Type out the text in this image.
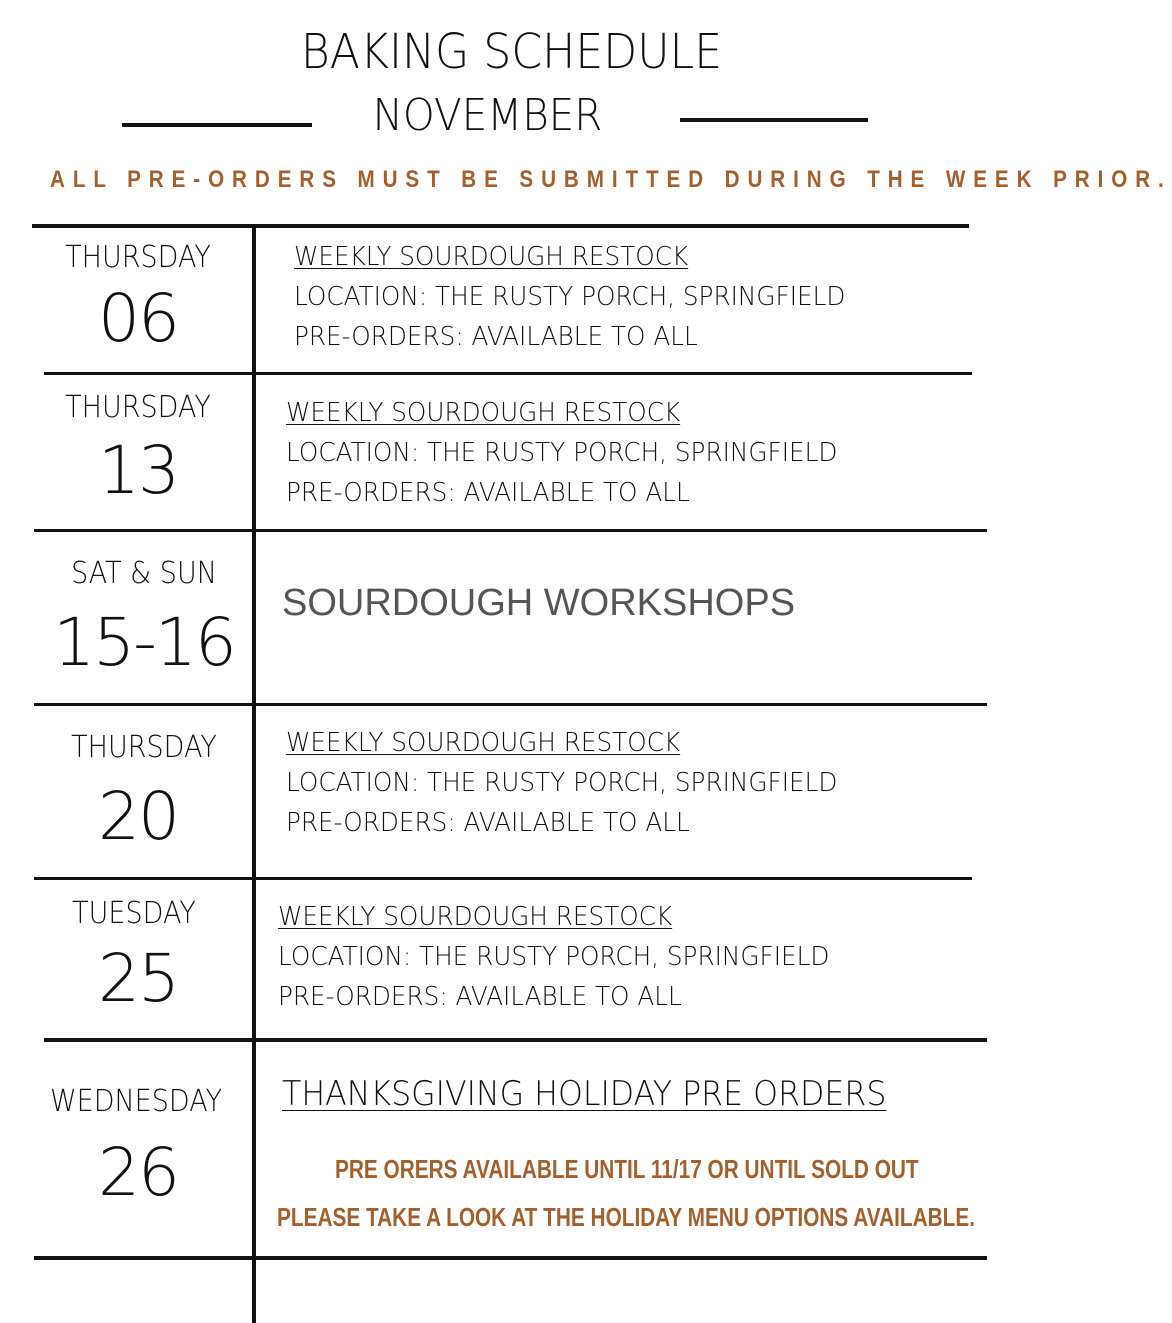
BAKING SCHEDULE
NOVEMBER
ALL PRE-ORDERS MUST BE SUBMITTED DURING THE WEEK PRIOR.
THURSDAY
06
WEEKLY SOURDOUGH RESTOCK
LOCATION: THE RUSTY PORCH, SPRINGFIELD
PRE-ORDERS: AVAILABLE TO ALL
THURSDAY
13
WEEKLY SOURDOUGH RESTOCK
LOCATION: THE RUSTY PORCH, SPRINGFIELD
PRE-ORDERS: AVAILABLE TO ALL
SAT & SUN
15-16
SOURDOUGH WORKSHOPS
THURSDAY
20
WEEKLY SOURDOUGH RESTOCK
LOCATION: THE RUSTY PORCH, SPRINGFIELD
PRE-ORDERS: AVAILABLE TO ALL
TUESDAY
25
WEEKLY SOURDOUGH RESTOCK
LOCATION: THE RUSTY PORCH, SPRINGFIELD
PRE-ORDERS: AVAILABLE TO ALL
WEDNESDAY
26
THANKSGIVING HOLIDAY PRE ORDERS
PRE ORERS AVAILABLE UNTIL 11/17 OR UNTIL SOLD OUT
PLEASE TAKE A LOOK AT THE HOLIDAY MENU OPTIONS AVAILABLE.
